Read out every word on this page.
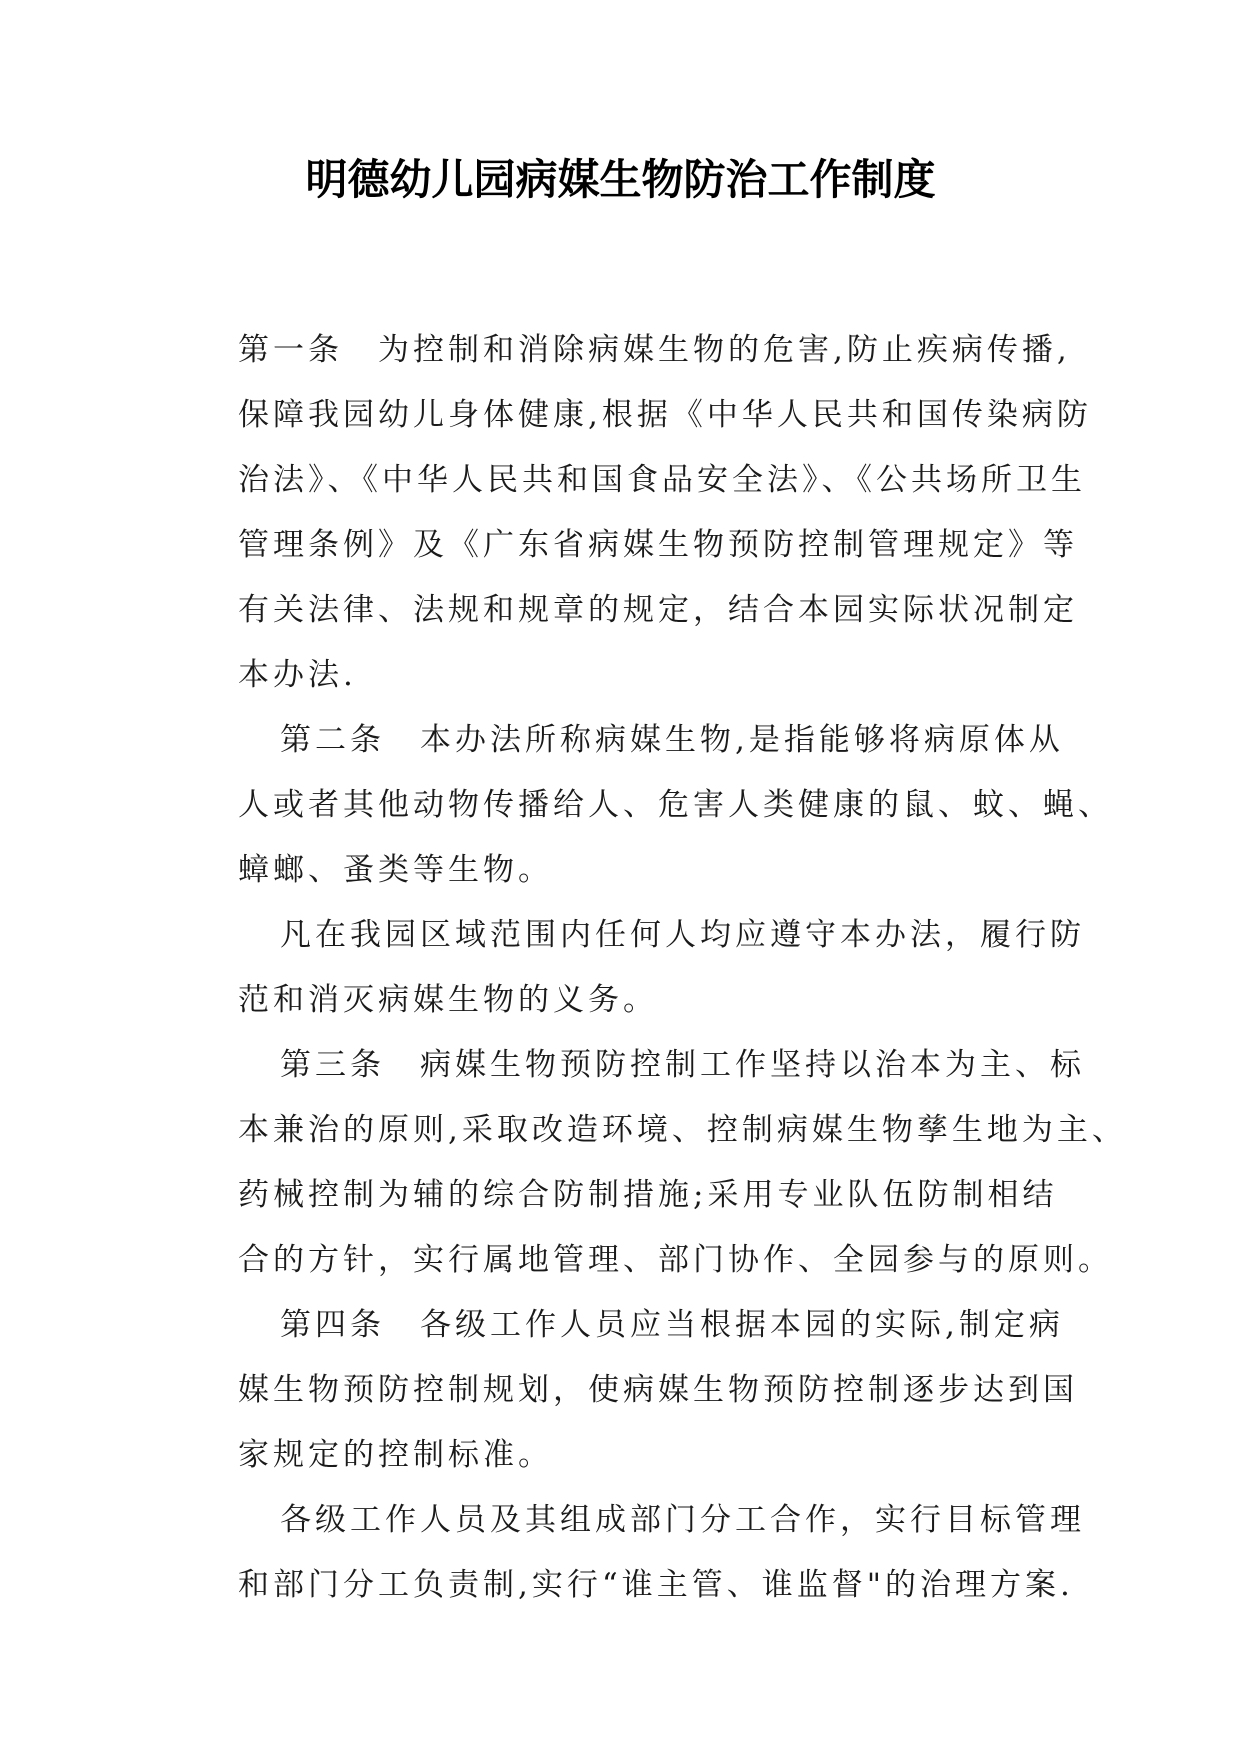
明德幼儿园病媒生物防治工作制度
第一条　为控制和消除病媒生物的危害,防止疾病传播,
保障我园幼儿身体健康,根据《中华人民共和国传染病防
治法》、《中华人民共和国食品安全法》、《公共场所卫生
管理条例》及《广东省病媒生物预防控制管理规定》等
有关法律、法规和规章的规定，结合本园实际状况制定
本办法.
第二条　本办法所称病媒生物,是指能够将病原体从
人或者其他动物传播给人、危害人类健康的鼠、蚊、蝇、
蟑螂、蚤类等生物。
凡在我园区域范围内任何人均应遵守本办法，履行防
范和消灭病媒生物的义务。
第三条　病媒生物预防控制工作坚持以治本为主、标
本兼治的原则,采取改造环境、控制病媒生物孳生地为主、
药械控制为辅的综合防制措施;采用专业队伍防制相结
合的方针，实行属地管理、部门协作、全园参与的原则。
第四条　各级工作人员应当根据本园的实际,制定病
媒生物预防控制规划，使病媒生物预防控制逐步达到国
家规定的控制标准。
各级工作人员及其组成部门分工合作，实行目标管理
和部门分工负责制,实行“谁主管、谁监督"的治理方案.
